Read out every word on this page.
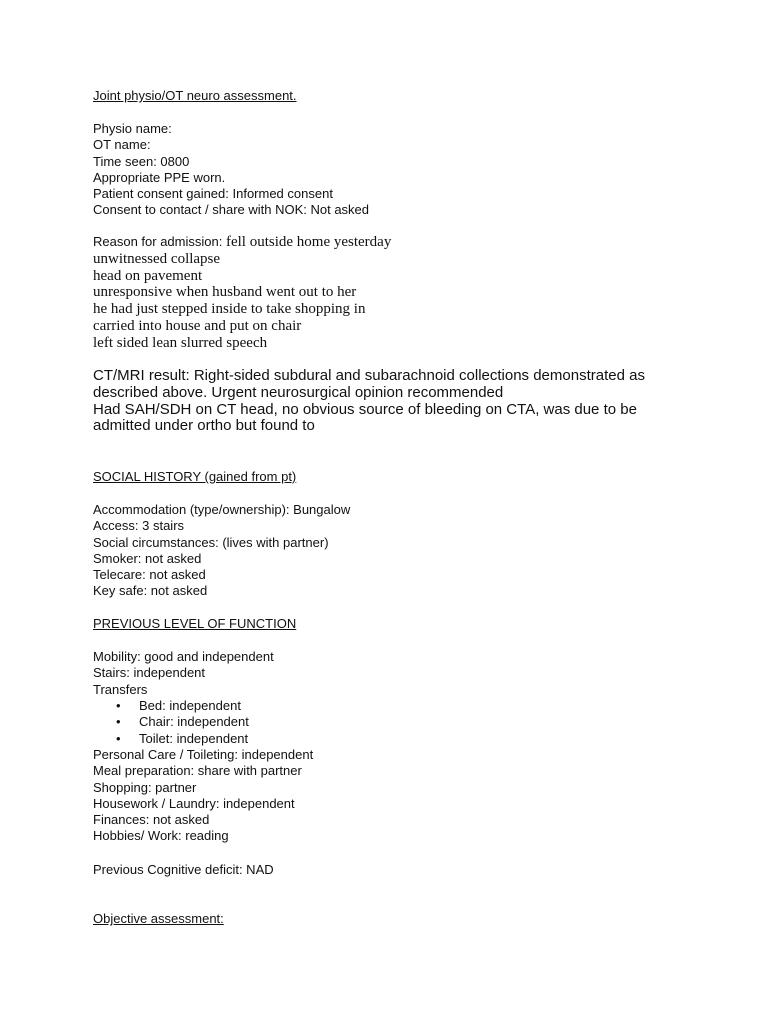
Joint physio/OT neuro assessment.
Physio name:
OT name:
Time seen: 0800
Appropriate PPE worn.
Patient consent gained: Informed consent
Consent to contact / share with NOK: Not asked
Reason for admission: fell outside home yesterday
unwitnessed collapse
head on pavement
unresponsive when husband went out to her
he had just stepped inside to take shopping in
carried into house and put on chair
left sided lean slurred speech
CT/MRI result: Right-sided subdural and subarachnoid collections demonstrated as
described above. Urgent neurosurgical opinion recommended
Had SAH/SDH on CT head, no obvious source of bleeding on CTA, was due to be
admitted under ortho but found to
SOCIAL HISTORY (gained from pt)
Accommodation (type/ownership): Bungalow
Access: 3 stairs
Social circumstances: (lives with partner)
Smoker: not asked
Telecare: not asked
Key safe: not asked
PREVIOUS LEVEL OF FUNCTION
Mobility: good and independent
Stairs: independent
Transfers
• Bed: independent
• Chair: independent
• Toilet: independent
Personal Care / Toileting: independent
Meal preparation: share with partner
Shopping: partner
Housework / Laundry: independent
Finances: not asked
Hobbies/ Work: reading
Previous Cognitive deficit: NAD
Objective assessment:
